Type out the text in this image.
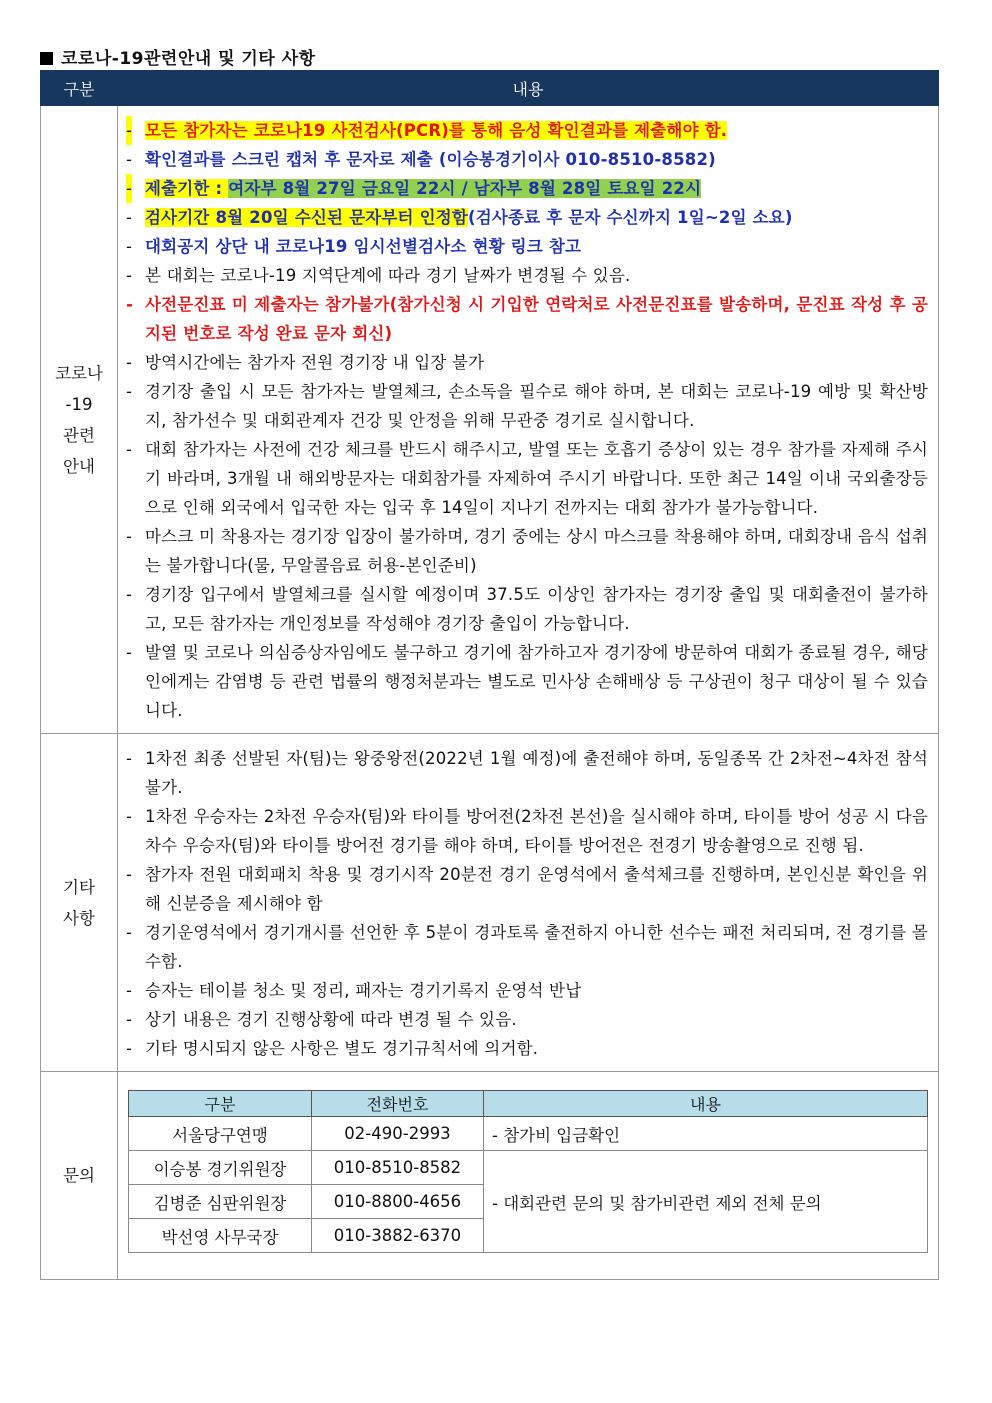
코로나-19관련안내 및 기타 사항
구분	내용

코로나
-19
관련
안내

- 모든 참가자는 코로나19 사전검사(PCR)를 통해 음성 확인결과를 제출해야 함.
- 확인결과를 스크린 캡처 후 문자로 제출 (이승봉경기이사 010-8510-8582)
- 제출기한 : 여자부 8월 27일 금요일 22시 / 남자부 8월 28일 토요일 22시
- 검사기간 8월 20일 수신된 문자부터 인정함(검사종료 후 문자 수신까지 1일~2일 소요)
- 대회공지 상단 내 코로나19 임시선별검사소 현황 링크 참고
- 본 대회는 코로나-19 지역단계에 따라 경기 날짜가 변경될 수 있음.
- 사전문진표 미 제출자는 참가불가(참가신청 시 기입한 연락처로 사전문진표를 발송하며, 문진표 작성 후 공지된 번호로 작성 완료 문자 회신)
- 방역시간에는 참가자 전원 경기장 내 입장 불가
- 경기장 출입 시 모든 참가자는 발열체크, 손소독을 필수로 해야 하며, 본 대회는 코로나-19 예방 및 확산방지, 참가선수 및 대회관계자 건강 및 안정을 위해 무관중 경기로 실시합니다.
- 대회 참가자는 사전에 건강 체크를 반드시 해주시고, 발열 또는 호흡기 증상이 있는 경우 참가를 자제해 주시기 바라며, 3개월 내 해외방문자는 대회참가를 자제하여 주시기 바랍니다. 또한 최근 14일 이내 국외출장등으로 인해 외국에서 입국한 자는 입국 후 14일이 지나기 전까지는 대회 참가가 불가능합니다.
- 마스크 미 착용자는 경기장 입장이 불가하며, 경기 중에는 상시 마스크를 착용해야 하며, 대회장내 음식 섭취는 불가합니다(물, 무알콜음료 허용-본인준비)
- 경기장 입구에서 발열체크를 실시할 예정이며 37.5도 이상인 참가자는 경기장 출입 및 대회출전이 불가하고, 모든 참가자는 개인정보를 작성해야 경기장 출입이 가능합니다.
- 발열 및 코로나 의심증상자임에도 불구하고 경기에 참가하고자 경기장에 방문하여 대회가 종료될 경우, 해당인에게는 감염병 등 관련 법률의 행정처분과는 별도로 민사상 손해배상 등 구상권이 청구 대상이 될 수 있습니다.

기타
사항

- 1차전 최종 선발된 자(팀)는 왕중왕전(2022년 1월 예정)에 출전해야 하며, 동일종목 간 2차전~4차전 참석 불가.
- 1차전 우승자는 2차전 우승자(팀)와 타이틀 방어전(2차전 본선)을 실시해야 하며, 타이틀 방어 성공 시 다음 차수 우승자(팀)와 타이틀 방어전 경기를 해야 하며, 타이틀 방어전은 전경기 방송촬영으로 진행 됨.
- 참가자 전원 대회패치 착용 및 경기시작 20분전 경기 운영석에서 출석체크를 진행하며, 본인신분 확인을 위해 신분증을 제시해야 함
- 경기운영석에서 경기개시를 선언한 후 5분이 경과토록 출전하지 아니한 선수는 패전 처리되며, 전 경기를 몰수함.
- 승자는 테이블 청소 및 정리, 패자는 경기기록지 운영석 반납
- 상기 내용은 경기 진행상황에 따라 변경 될 수 있음.
- 기타 명시되지 않은 사항은 별도 경기규칙서에 의거함.

문의	
구분	전화번호	내용
서울당구연맹	02-490-2993	- 참가비 입금확인
이승봉 경기위원장	010-8510-8582	- 대회관련 문의 및 참가비관련 제외 전체 문의
김병준 심판위원장	010-8800-4656
박선영 사무국장	010-3882-6370
